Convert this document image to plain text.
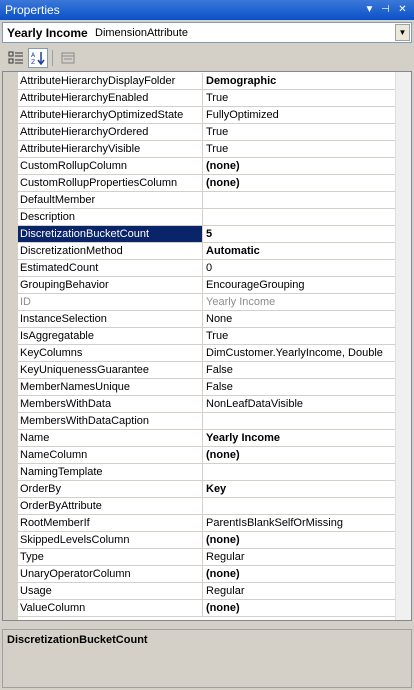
Properties	▼ ⊣ ✕
Yearly Income DimensionAttribute	▼
A
Z
AttributeHierarchyDisplayFolder	Demographic
AttributeHierarchyEnabled	True
AttributeHierarchyOptimizedState	FullyOptimized
AttributeHierarchyOrdered	True
AttributeHierarchyVisible	True
CustomRollupColumn	(none)
CustomRollupPropertiesColumn	(none)
DefaultMember
Description
DiscretizationBucketCount	5
DiscretizationMethod	Automatic
EstimatedCount	0
GroupingBehavior	EncourageGrouping
ID	Yearly Income
InstanceSelection	None
IsAggregatable	True
KeyColumns	DimCustomer.YearlyIncome, Double
KeyUniquenessGuarantee	False
MemberNamesUnique	False
MembersWithData	NonLeafDataVisible
MembersWithDataCaption
Name	Yearly Income
NameColumn	(none)
NamingTemplate
OrderBy	Key
OrderByAttribute
RootMemberIf	ParentIsBlankSelfOrMissing
SkippedLevelsColumn	(none)
Type	Regular
UnaryOperatorColumn	(none)
Usage	Regular
ValueColumn	(none)
DiscretizationBucketCount
